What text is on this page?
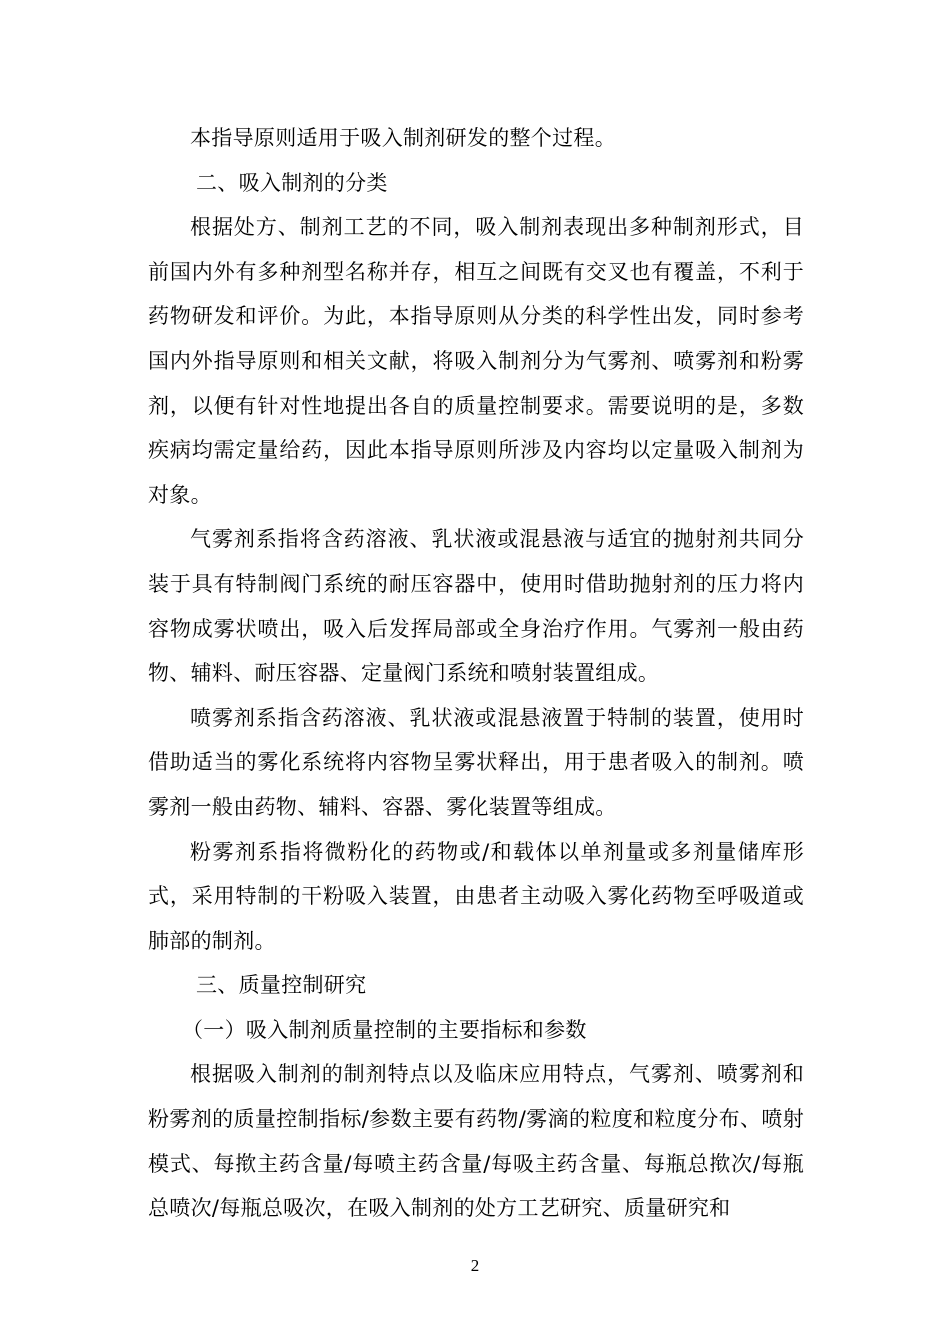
本指导原则适用于吸入制剂研发的整个过程。

二、吸入制剂的分类

根据处方、制剂工艺的不同，吸入制剂表现出多种制剂形式，目前国内外有多种剂型名称并存，相互之间既有交叉也有覆盖，不利于药物研发和评价。为此，本指导原则从分类的科学性出发，同时参考国内外指导原则和相关文献，将吸入制剂分为气雾剂、喷雾剂和粉雾剂，以便有针对性地提出各自的质量控制要求。需要说明的是，多数疾病均需定量给药，因此本指导原则所涉及内容均以定量吸入制剂为对象。

气雾剂系指将含药溶液、乳状液或混悬液与适宜的抛射剂共同分装于具有特制阀门系统的耐压容器中，使用时借助抛射剂的压力将内容物成雾状喷出，吸入后发挥局部或全身治疗作用。气雾剂一般由药物、辅料、耐压容器、定量阀门系统和喷射装置组成。

喷雾剂系指含药溶液、乳状液或混悬液置于特制的装置，使用时借助适当的雾化系统将内容物呈雾状释出，用于患者吸入的制剂。喷雾剂一般由药物、辅料、容器、雾化装置等组成。

粉雾剂系指将微粉化的药物或/和载体以单剂量或多剂量储库形式，采用特制的干粉吸入装置，由患者主动吸入雾化药物至呼吸道或肺部的制剂。

三、质量控制研究

（一）吸入制剂质量控制的主要指标和参数

根据吸入制剂的制剂特点以及临床应用特点，气雾剂、喷雾剂和粉雾剂的质量控制指标/参数主要有药物/雾滴的粒度和粒度分布、喷射模式、每揿主药含量/每喷主药含量/每吸主药含量、每瓶总揿次/每瓶总喷次/每瓶总吸次，在吸入制剂的处方工艺研究、质量研究和

2
